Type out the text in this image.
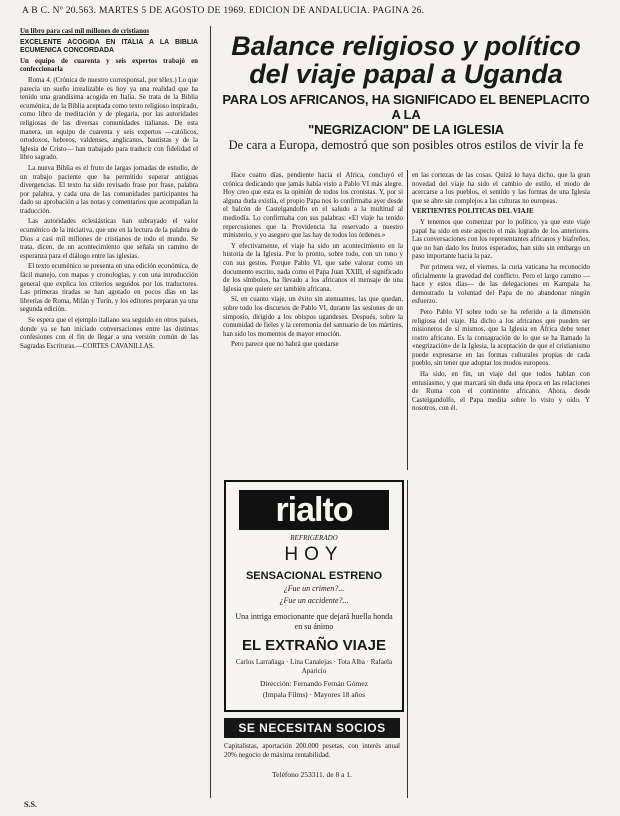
A B C. Nº 20.563. MARTES 5 DE AGOSTO DE 1969. EDICION DE ANDALUCIA. PAGINA 26.

Un libro para casi mil millones de cristianos

EXCELENTE ACOGIDA EN ITALIA A LA BIBLIA ECUMENICA CONCORDADA

Un equipo de cuarenta y seis expertos trabajó en confeccionarla

Roma 4. (Crónica de nuestro corresponsal, por télex.) Lo que parecía un sueño irrealizable es hoy ya una realidad que ha tenido una grandísima acogida en Italia. Se trata de la Biblia ecuménica, de la Biblia aceptada como texto religioso inspirado, como libro de meditación y de plegaria, por las autoridades religiosas de las diversas comunidades italianas. De esta manera, un equipo de cuarenta y seis expertos —católicos, ortodoxos, hebreos, valdenses, anglicanos, bautistas y de la Iglesia de Cristo— han trabajado para traducir con fidelidad el libro sagrado.

La nueva Biblia es el fruto de largas jornadas de estudio, de un trabajo paciente que ha permitido superar antiguas divergencias. El texto ha sido revisado frase por frase, palabra por palabra, y cada una de las comunidades participantes ha dado su aprobación a las notas y comentarios que acompañan la traducción.

Las autoridades eclesiásticas han subrayado el valor ecuménico de la iniciativa, que une en la lectura de la palabra de Dios a casi mil millones de cristianos de todo el mundo. Se trata, dicen, de un acontecimiento que señala un camino de esperanza para el diálogo entre las iglesias.

El texto ecuménico se presenta en una edición económica, de fácil manejo, con mapas y cronologías, y con una introducción general que explica los criterios seguidos por los traductores. Las primeras tiradas se han agotado en pocos días en las librerías de Roma, Milán y Turín, y los editores preparan ya una segunda edición.

Se espera que el ejemplo italiano sea seguido en otros países, donde ya se han iniciado conversaciones entre las distintas confesiones con el fin de llegar a una versión común de las Sagradas Escrituras.—CORTES CAVANILLAS.

Balance religioso y político
del viaje papal a Uganda
PARA LOS AFRICANOS, HA SIGNIFICADO EL BENEPLACITO A LA
"NEGRIZACION" DE LA IGLESIA

De cara a Europa, demostró que son posibles otros estilos de vivir la fe

Hace cuatro días, pendiente hacia el África, concluyó el crónica dedicando que jamás había visto a Pablo VI más alegre. Hoy creo que esta es la opinión de todos los cronistas. Y, por si alguna duda existía, el propio Papa nos lo confirmaba ayer desde el balcón de Castelgandolfo en el saludo a la multitud al mediodía. Lo confirmaba con sus palabras: «El viaje ha tenido repercusiones que la Providencia ha reservado a nuestro ministerio, y yo aseguro que las hay de todos los órdenes.»

Y efectivamente, el viaje ha sido un acontecimiento en la historia de la Iglesia. Por lo pronto, sobre todo, con un tono y con sus gestos. Porque Pablo VI, que sabe valorar como un documento escrito, nada como el Papa Juan XXIII, el significado de los símbolos, ha llevado a los africanos el mensaje de una Iglesia que quiere ser también africana.

Sí, en cuanto viaje, un éxito sin atenuantes, las que quedan, sobre todo los discursos de Pablo VI, durante las sesiones de un simposio, dirigido a los obispos ugandeses. Después, sobre la comunidad de fieles y la ceremonia del santuario de los mártires, han sido los momentos de mayor emoción.

Pero parece que no habrá que quedarse

en las cortezas de las cosas. Quizá lo haya dicho, que la gran novedad del viaje ha sido el cambio de estilo, el modo de acercarse a los pueblos, el sentido y las formas de una Iglesia que se abre sin complejos a las culturas no europeas.

VERTIENTES POLITICAS DEL VIAJE

Y tenemos que comenzar por lo político, ya que este viaje papal ha sido en este aspecto el más logrado de los anteriores. Las conversaciones con los representantes africanos y biafreños, que no han dado los frutos esperados, han sido sin embargo un paso importante hacia la paz.

Por primera vez, el viernes, la curia vaticana ha reconocido oficialmente la gravedad del conflicto. Pero el largo camino —hace y estos días— de las delegaciones en Kampala ha demostrado la voluntad del Papa de no abandonar ningún esfuerzo.

Pero Pablo VI sobre todo se ha referido a la dimensión religiosa del viaje. Ha dicho a los africanos que pueden ser misioneros de sí mismos, que la Iglesia en África debe tener rostro africano. Es la consagración de lo que se ha llamado la «negrización» de la Iglesia, la aceptación de que el cristianismo puede expresarse en las formas culturales propias de cada pueblo, sin tener que adoptar los modos europeos.

Ha sido, en fin, un viaje del que todos hablan con entusiasmo, y que marcará sin duda una época en las relaciones de Roma con el continente africano. Ahora, desde Castelgandolfo, el Papa medita sobre lo visto y oído. Y nosotros, con él.

rialto

REFRIGERADO

HOY

SENSACIONAL ESTRENO

¿Fue un crimen?...

¿Fue un accidente?...

Una intriga emocionante que dejará huella honda en su ánimo

EL EXTRAÑO VIAJE

Carlos Larrañaga · Lina Canalejas · Tota Alba · Rafaela Aparicio

Dirección: Fernando Fernán Gómez

(Impala Films) · Mayores 18 años

SE NECESITAN SOCIOS

Capitalistas, aportación 200.000 pesetas, con interés anual 20% negocio de máxima rentabilidad.

Teléfono 253311. de 8 a 1.

S.S.
